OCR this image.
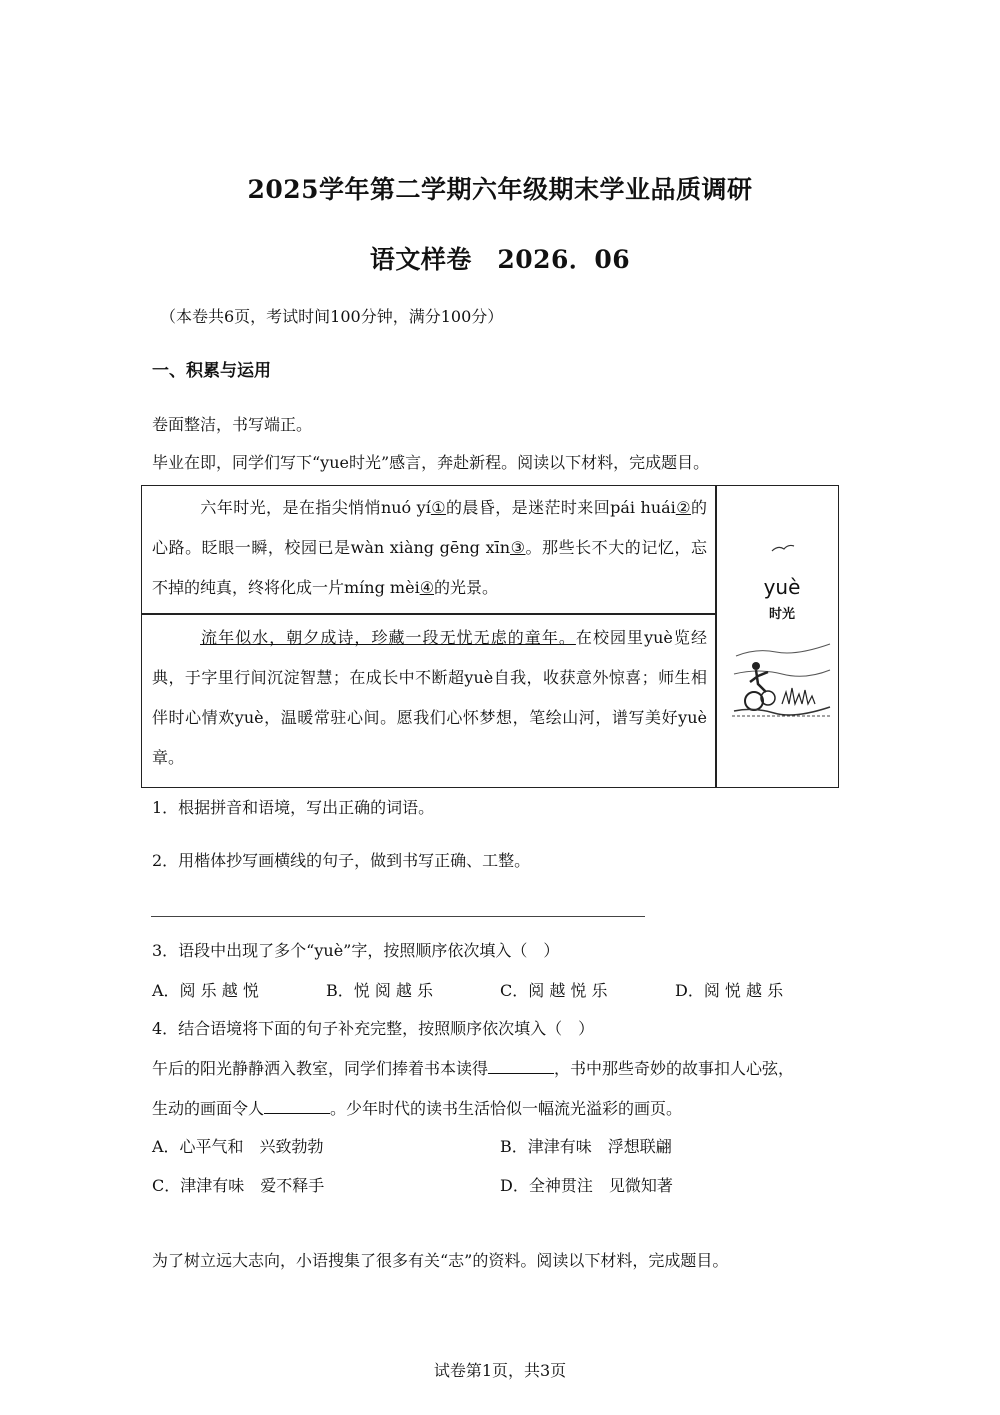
2025学年第二学期六年级期末学业品质调研
语文样卷　2026．06
（本卷共6页，考试时间100分钟，满分100分）
一、积累与运用
卷面整洁，书写端正。
毕业在即，同学们写下“yue时光”感言，奔赴新程。阅读以下材料，完成题目。
六年时光，是在指尖悄悄nuó yí①的晨昏，是迷茫时来回pái huái②的心路。眨眼一瞬，校园已是wàn xiàng gēng xīn③。那些长不大的记忆，忘不掉的纯真，终将化成一片míng mèi④的光景。
流年似水，朝夕成诗，珍藏一段无忧无虑的童年。在校园里yuè览经典，于字里行间沉淀智慧；在成长中不断超yuè自我，收获意外惊喜；师生相伴时心情欢yuè，温暖常驻心间。愿我们心怀梦想，笔绘山河，谱写美好yuè章。
yuè
时光
1．根据拼音和语境，写出正确的词语。
2．用楷体抄写画横线的句子，做到书写正确、工整。
3．语段中出现了多个“yuè”字，按照顺序依次填入（　）
A．阅 乐 越 悦	B．悦 阅 越 乐	C．阅 越 悦 乐	D．阅 悦 越 乐
4．结合语境将下面的句子补充完整，按照顺序依次填入（　）
午后的阳光静静洒入教室，同学们捧着书本读得	，书中那些奇妙的故事扣人心弦，
生动的画面令人	。少年时代的读书生活恰似一幅流光溢彩的画页。
A．心平气和　兴致勃勃	B．津津有味　浮想联翩
C．津津有味　爱不释手	D．全神贯注　见微知著
为了树立远大志向，小语搜集了很多有关“志”的资料。阅读以下材料，完成题目。
试卷第1页，共3页
